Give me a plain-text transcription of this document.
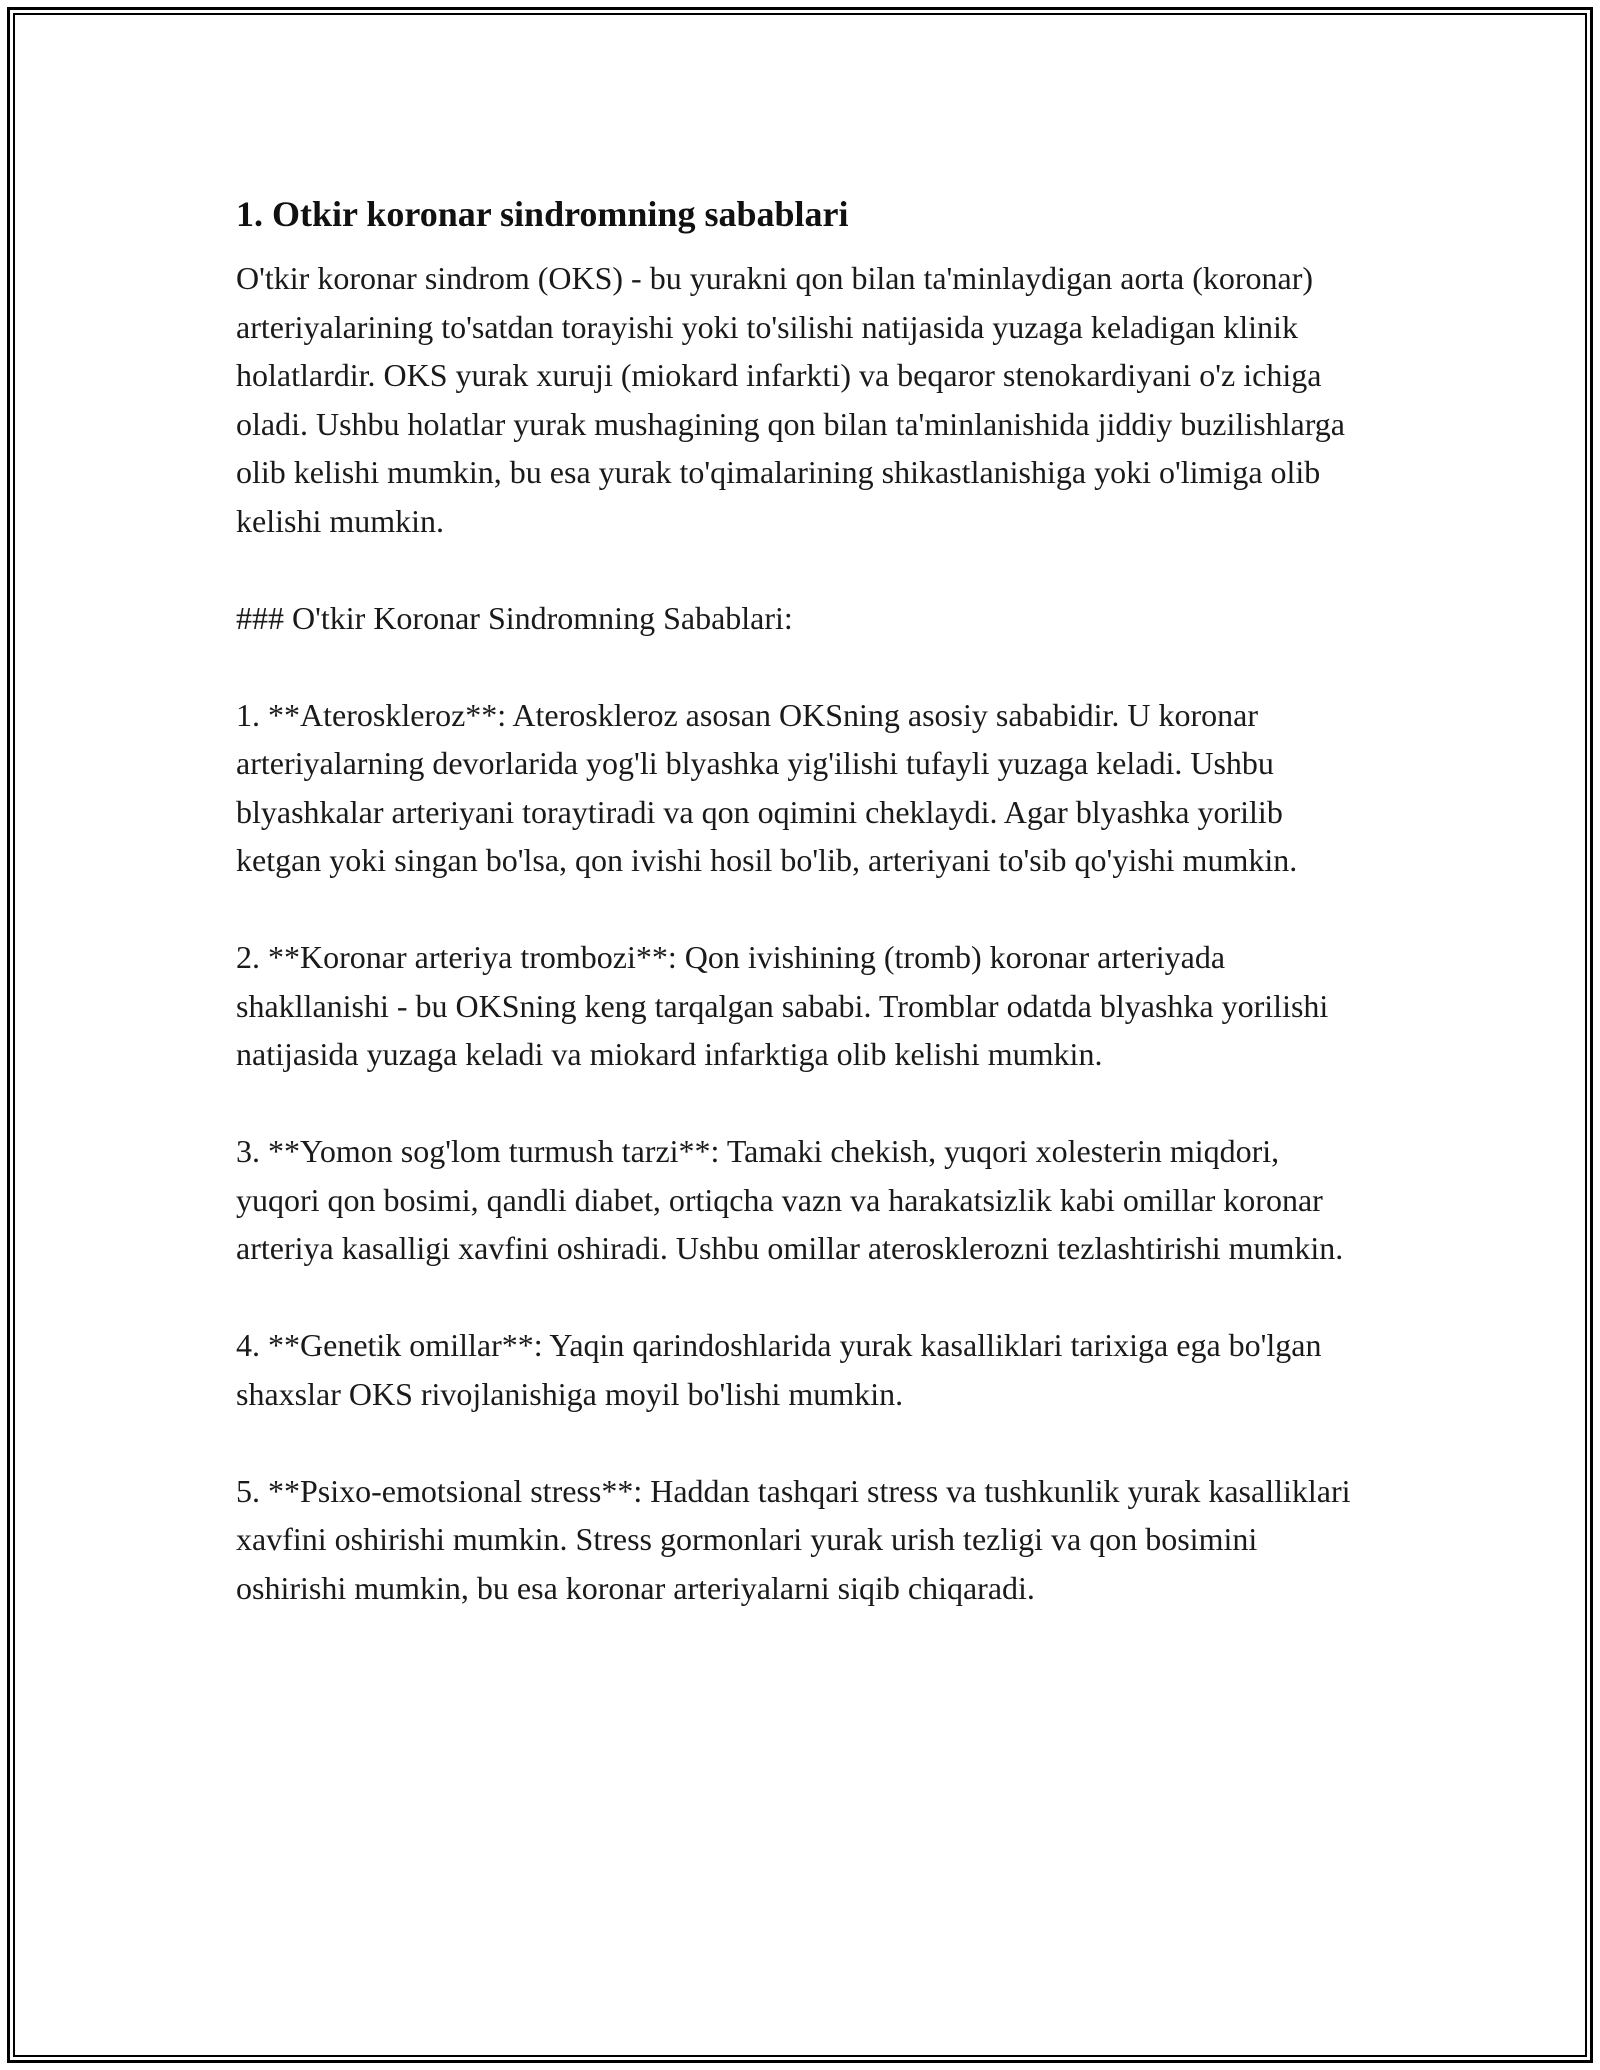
1. Otkir koronar sindromning sabablari

O'tkir koronar sindrom (OKS) - bu yurakni qon bilan ta'minlaydigan aorta (koronar) arteriyalarining to'satdan torayishi yoki to'silishi natijasida yuzaga keladigan klinik holatlardir. OKS yurak xuruji (miokard infarkti) va beqaror stenokardiyani o'z ichiga oladi. Ushbu holatlar yurak mushagining qon bilan ta'minlanishida jiddiy buzilishlarga olib kelishi mumkin, bu esa yurak to'qimalarining shikastlanishiga yoki o'limiga olib kelishi mumkin.

### O'tkir Koronar Sindromning Sabablari:

1. **Ateroskleroz**: Ateroskleroz asosan OKSning asosiy sababidir. U koronar arteriyalarning devorlarida yog'li blyashka yig'ilishi tufayli yuzaga keladi. Ushbu blyashkalar arteriyani toraytiradi va qon oqimini cheklaydi. Agar blyashka yorilib ketgan yoki singan bo'lsa, qon ivishi hosil bo'lib, arteriyani to'sib qo'yishi mumkin.

2. **Koronar arteriya trombozi**: Qon ivishining (tromb) koronar arteriyada shakllanishi - bu OKSning keng tarqalgan sababi. Tromblar odatda blyashka yorilishi natijasida yuzaga keladi va miokard infarktiga olib kelishi mumkin.

3. **Yomon sog'lom turmush tarzi**: Tamaki chekish, yuqori xolesterin miqdori, yuqori qon bosimi, qandli diabet, ortiqcha vazn va harakatsizlik kabi omillar koronar arteriya kasalligi xavfini oshiradi. Ushbu omillar aterosklerozni tezlashtirishi mumkin.

4. **Genetik omillar**: Yaqin qarindoshlarida yurak kasalliklari tarixiga ega bo'lgan shaxslar OKS rivojlanishiga moyil bo'lishi mumkin.

5. **Psixo-emotsional stress**: Haddan tashqari stress va tushkunlik yurak kasalliklari xavfini oshirishi mumkin. Stress gormonlari yurak urish tezligi va qon bosimini oshirishi mumkin, bu esa koronar arteriyalarni siqib chiqaradi.
